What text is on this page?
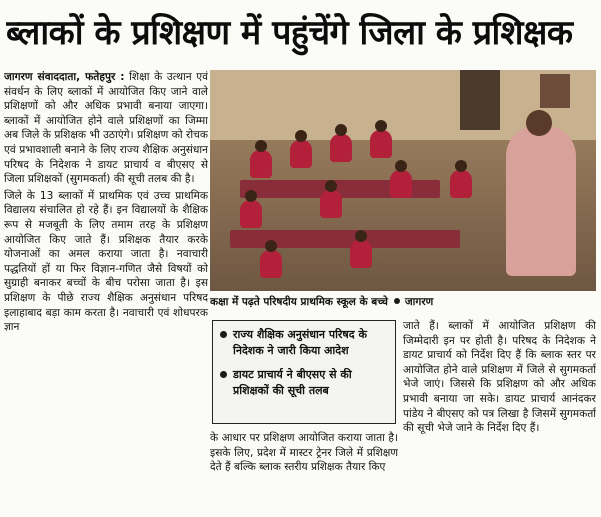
ब्लाकों के प्रशिक्षण में पहुंचेंगे जिला के प्रशिक्षक

जागरण संवाददाता, फतेहपुर : शिक्षा के उत्थान एवं संवर्धन के लिए ब्लाकों में आयोजित किए जाने वाले प्रशिक्षणों को और अधिक प्रभावी बनाया जाएगा। ब्लाकों में आयोजित होने वाले प्रशिक्षणों का जिम्मा अब जिले के प्रशिक्षक भी उठाएंगे। प्रशिक्षण को रोचक एवं प्रभावशाली बनाने के लिए राज्य शैक्षिक अनुसंधान परिषद के निदेशक ने डायट प्राचार्य व बीएसए से जिला प्रशिक्षकों (सुगमकर्ता) की सूची तलब की है।

जिले के 13 ब्लाकों में प्राथमिक एवं उच्च प्राथमिक विद्यालय संचालित हो रहे हैं। इन विद्यालयों के शैक्षिक रूप से मजबूती के लिए तमाम तरह के प्रशिक्षण आयोजित किए जाते हैं। प्रशिक्षक तैयार करके योजनाओं का अमल कराया जाता है। नवाचारी पद्धतियों हों या फिर विज्ञान-गणित जैसे विषयों को सुग्राही बनाकर बच्चों के बीच परोसा जाता है। इस प्रशिक्षण के पीछे राज्य शैक्षिक अनुसंधान परिषद इलाहाबाद बड़ा काम करता है। नवाचारी एवं शोधपरक ज्ञान

कक्षा में पढ़ते परिषदीय प्राथमिक स्कूल के बच्चे जागरण
राज्य शैक्षिक अनुसंधान परिषद के निदेशक ने जारी किया आदेश
डायट प्राचार्य ने बीएसए से की प्रशिक्षकों की सूची तलब

के आधार पर प्रशिक्षण आयोजित कराया जाता है। इसके लिए, प्रदेश में मास्टर ट्रेनर जिले में प्रशिक्षण देते हैं बल्कि ब्लाक स्तरीय प्रशिक्षक तैयार किए

जाते हैं। ब्लाकों में आयोजित प्रशिक्षण की जिम्मेदारी इन पर होती है। परिषद के निदेशक ने डायट प्राचार्य को निर्देश दिए हैं कि ब्लाक स्तर पर आयोजित होने वाले प्रशिक्षण में जिले से सुगमकर्ता भेजे जाएं। जिससे कि प्रशिक्षण को और अधिक प्रभावी बनाया जा सके। डायट प्राचार्य आनंदकर पांडेय ने बीएसए को पत्र लिखा है जिसमें सुगमकर्ता की सूची भेजे जाने के निर्देश दिए हैं।
